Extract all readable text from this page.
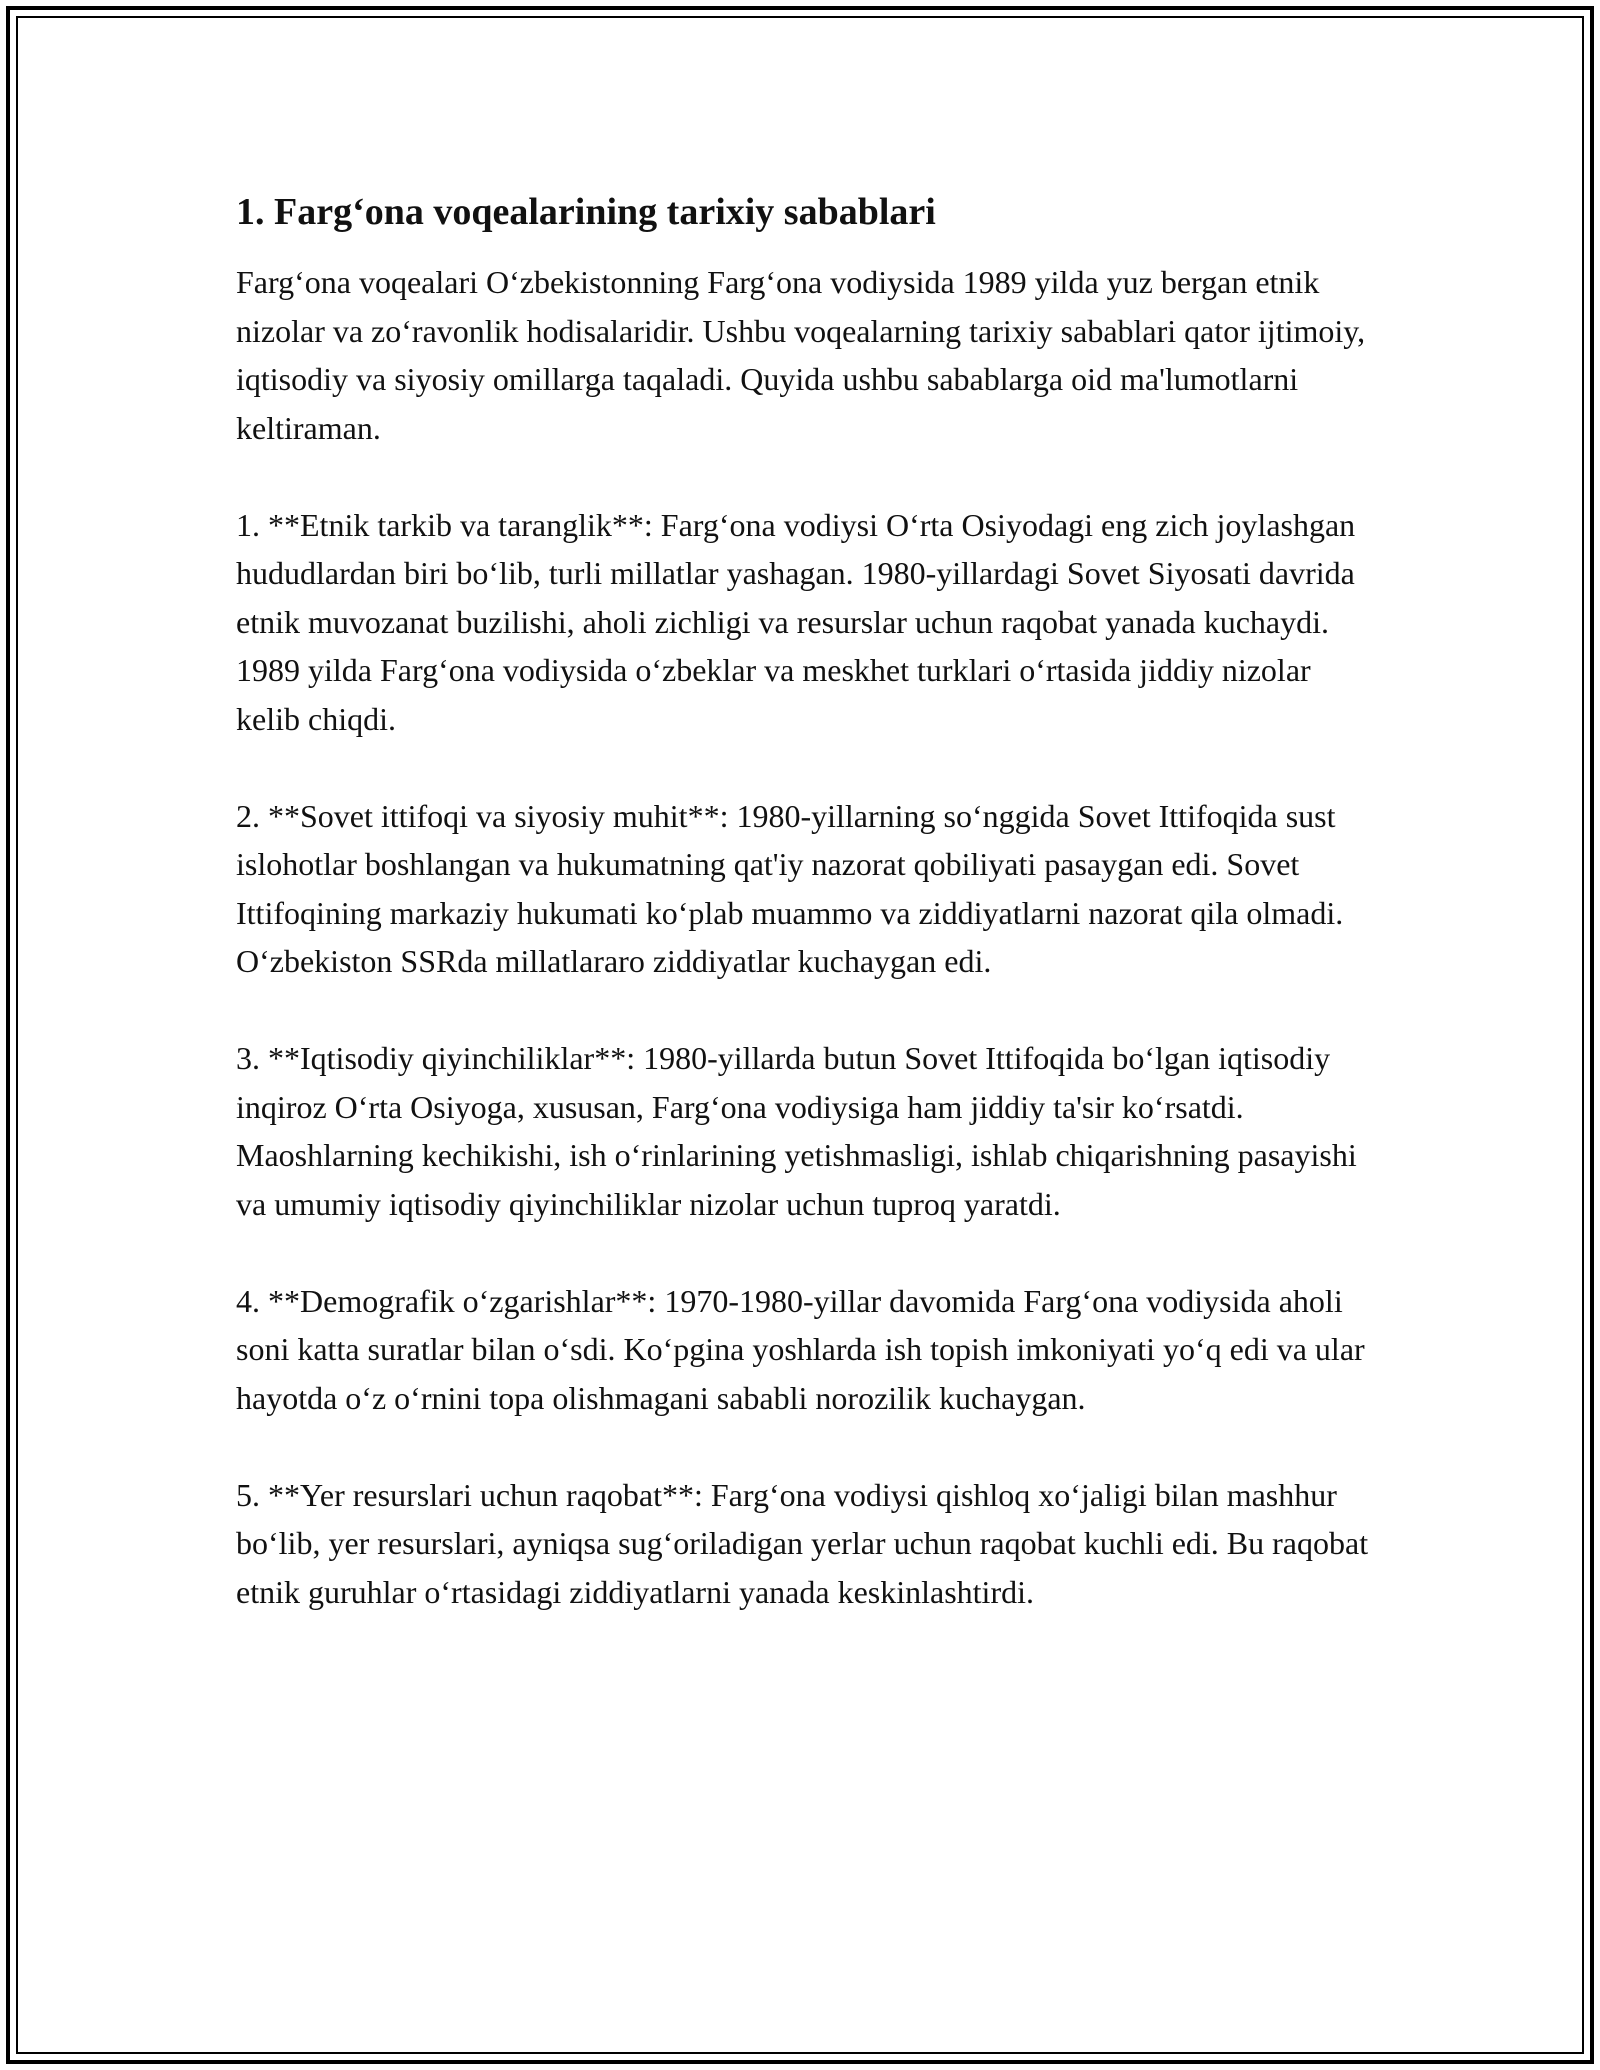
1. Farg‘ona voqealarining tarixiy sabablari

Farg‘ona voqealari O‘zbekistonning Farg‘ona vodiysida 1989 yilda yuz bergan etnik nizolar va zo‘ravonlik hodisalaridir. Ushbu voqealarning tarixiy sabablari qator ijtimoiy, iqtisodiy va siyosiy omillarga taqaladi. Quyida ushbu sabablarga oid ma'lumotlarni keltiraman.

1. **Etnik tarkib va taranglik**: Farg‘ona vodiysi O‘rta Osiyodagi eng zich joylashgan hududlardan biri bo‘lib, turli millatlar yashagan. 1980-yillardagi Sovet Siyosati davrida etnik muvozanat buzilishi, aholi zichligi va resurslar uchun raqobat yanada kuchaydi. 1989 yilda Farg‘ona vodiysida o‘zbeklar va meskhet turklari o‘rtasida jiddiy nizolar kelib chiqdi.

2. **Sovet ittifoqi va siyosiy muhit**: 1980-yillarning so‘nggida Sovet Ittifoqida sust islohotlar boshlangan va hukumatning qat'iy nazorat qobiliyati pasaygan edi. Sovet Ittifoqining markaziy hukumati ko‘plab muammo va ziddiyatlarni nazorat qila olmadi. O‘zbekiston SSRda millatlararo ziddiyatlar kuchaygan edi.

3. **Iqtisodiy qiyinchiliklar**: 1980-yillarda butun Sovet Ittifoqida bo‘lgan iqtisodiy inqiroz O‘rta Osiyoga, xususan, Farg‘ona vodiysiga ham jiddiy ta'sir ko‘rsatdi. Maoshlarning kechikishi, ish o‘rinlarining yetishmasligi, ishlab chiqarishning pasayishi va umumiy iqtisodiy qiyinchiliklar nizolar uchun tuproq yaratdi.

4. **Demografik o‘zgarishlar**: 1970-1980-yillar davomida Farg‘ona vodiysida aholi soni katta suratlar bilan o‘sdi. Ko‘pgina yoshlarda ish topish imkoniyati yo‘q edi va ular hayotda o‘z o‘rnini topa olishmagani sababli norozilik kuchaygan.

5. **Yer resurslari uchun raqobat**: Farg‘ona vodiysi qishloq xo‘jaligi bilan mashhur bo‘lib, yer resurslari, ayniqsa sug‘oriladigan yerlar uchun raqobat kuchli edi. Bu raqobat etnik guruhlar o‘rtasidagi ziddiyatlarni yanada keskinlashtirdi.
